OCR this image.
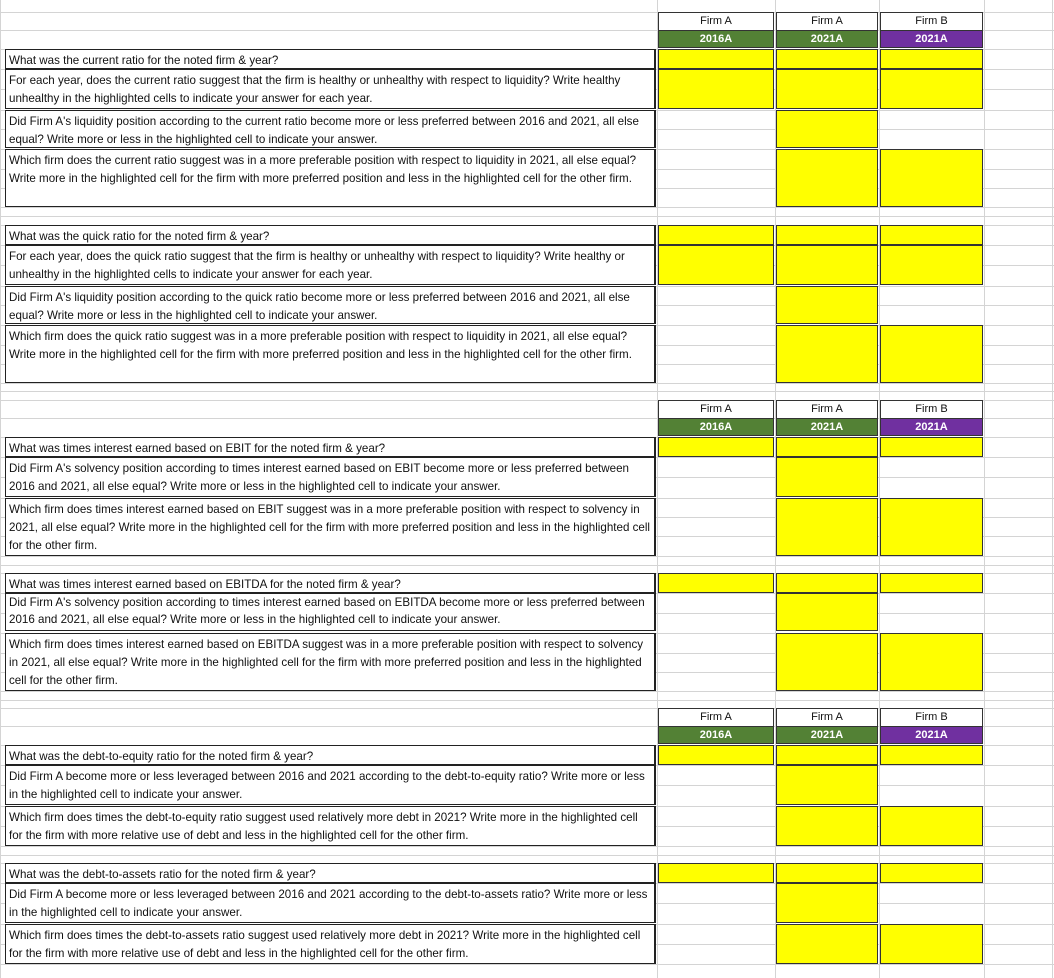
Firm A	Firm A	Firm B
2016A	2021A	2021A
What was the current ratio for the noted firm & year?
For each year, does the current ratio suggest that the firm is healthy or unhealthy with respect to liquidity? Write healthy unhealthy in the highlighted cells to indicate your answer for each year.
Did Firm A's liquidity position according to the current ratio become more or less preferred between 2016 and 2021, all else equal? Write more or less in the highlighted cell to indicate your answer.
Which firm does the current ratio suggest was in a more preferable position with respect to liquidity in 2021, all else equal? Write more in the highlighted cell for the firm with more preferred position and less in the highlighted cell for the other firm.
What was the quick ratio for the noted firm & year?
For each year, does the quick ratio suggest that the firm is healthy or unhealthy with respect to liquidity? Write healthy or unhealthy in the highlighted cells to indicate your answer for each year.
Did Firm A's liquidity position according to the quick ratio become more or less preferred between 2016 and 2021, all else equal? Write more or less in the highlighted cell to indicate your answer.
Which firm does the quick ratio suggest was in a more preferable position with respect to liquidity in 2021, all else equal? Write more in the highlighted cell for the firm with more preferred position and less in the highlighted cell for the other firm.
Firm A	Firm A	Firm B
2016A	2021A	2021A
What was times interest earned based on EBIT for the noted firm & year?
Did Firm A's solvency position according to times interest earned based on EBIT become more or less preferred between 2016 and 2021, all else equal? Write more or less in the highlighted cell to indicate your answer.
Which firm does times interest earned based on EBIT suggest was in a more preferable position with respect to solvency in 2021, all else equal? Write more in the highlighted cell for the firm with more preferred position and less in the highlighted cell for the other firm.
What was times interest earned based on EBITDA for the noted firm & year?
Did Firm A's solvency position according to times interest earned based on EBITDA become more or less preferred between 2016 and 2021, all else equal? Write more or less in the highlighted cell to indicate your answer.
Which firm does times interest earned based on EBITDA suggest was in a more preferable position with respect to solvency in 2021, all else equal? Write more in the highlighted cell for the firm with more preferred position and less in the highlighted cell for the other firm.
Firm A	Firm A	Firm B
2016A	2021A	2021A
What was the debt-to-equity ratio for the noted firm & year?
Did Firm A become more or less leveraged between 2016 and 2021 according to the debt-to-equity ratio? Write more or less in the highlighted cell to indicate your answer.
Which firm does times the debt-to-equity ratio suggest used relatively more debt in 2021? Write more in the highlighted cell for the firm with more relative use of debt and less in the highlighted cell for the other firm.
What was the debt-to-assets ratio for the noted firm & year?
Did Firm A become more or less leveraged between 2016 and 2021 according to the debt-to-assets ratio? Write more or less in the highlighted cell to indicate your answer.
Which firm does times the debt-to-assets ratio suggest used relatively more debt in 2021? Write more in the highlighted cell for the firm with more relative use of debt and less in the highlighted cell for the other firm.
